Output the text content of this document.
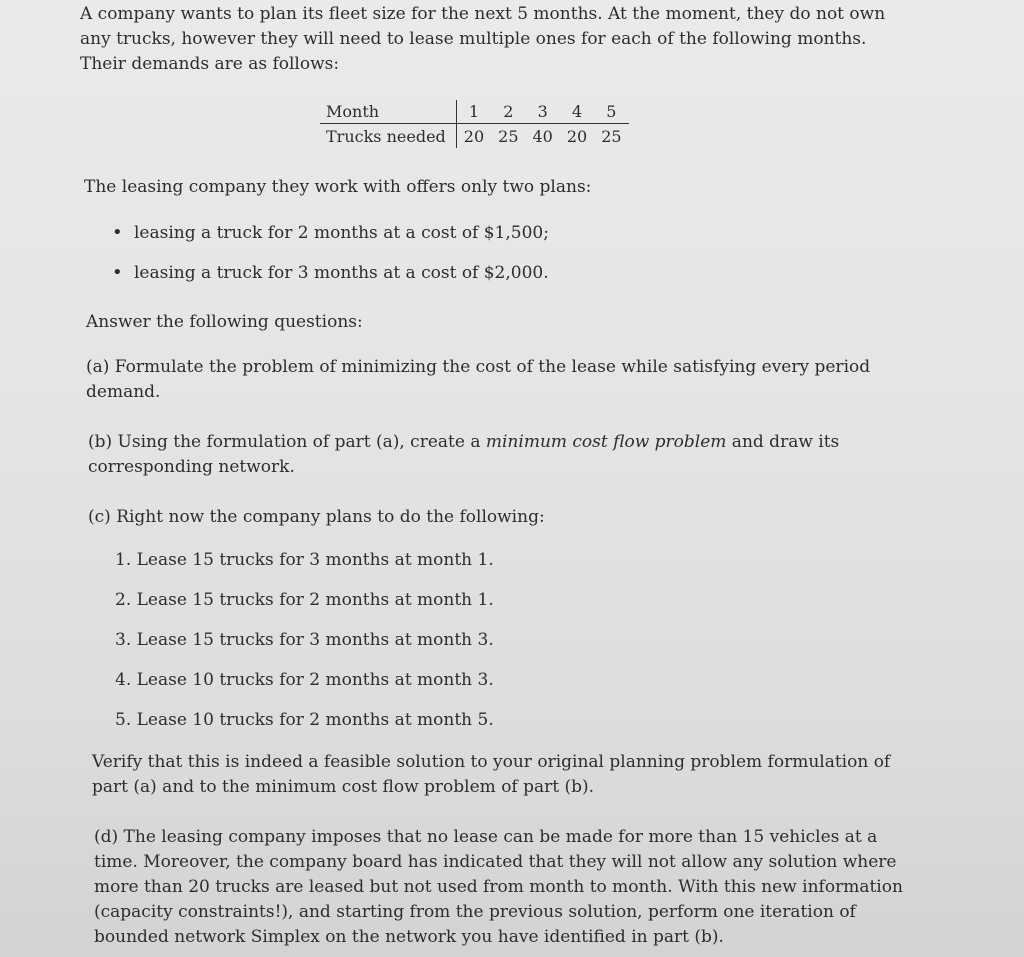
A company wants to plan its fleet size for the next 5 months. At the moment, they do not own any trucks, however they will need to lease multiple ones for each of the following months. Their demands are as follows:

Month	1	2	3	4	5
Trucks needed	20	25	40	20	25

The leasing company they work with offers only two plans:

• leasing a truck for 2 months at a cost of $1,500;
• leasing a truck for 3 months at a cost of $2,000.

Answer the following questions:

(a) Formulate the problem of minimizing the cost of the lease while satisfying every period demand.

(b) Using the formulation of part (a), create a minimum cost flow problem and draw its corresponding network.

(c) Right now the company plans to do the following:

1. Lease 15 trucks for 3 months at month 1.
2. Lease 15 trucks for 2 months at month 1.
3. Lease 15 trucks for 3 months at month 3.
4. Lease 10 trucks for 2 months at month 3.
5. Lease 10 trucks for 2 months at month 5.

Verify that this is indeed a feasible solution to your original planning problem formulation of part (a) and to the minimum cost flow problem of part (b).

(d) The leasing company imposes that no lease can be made for more than 15 vehicles at a time. Moreover, the company board has indicated that they will not allow any solution where more than 20 trucks are leased but not used from month to month. With this new information (capacity constraints!), and starting from the previous solution, perform one iteration of bounded network Simplex on the network you have identified in part (b).
